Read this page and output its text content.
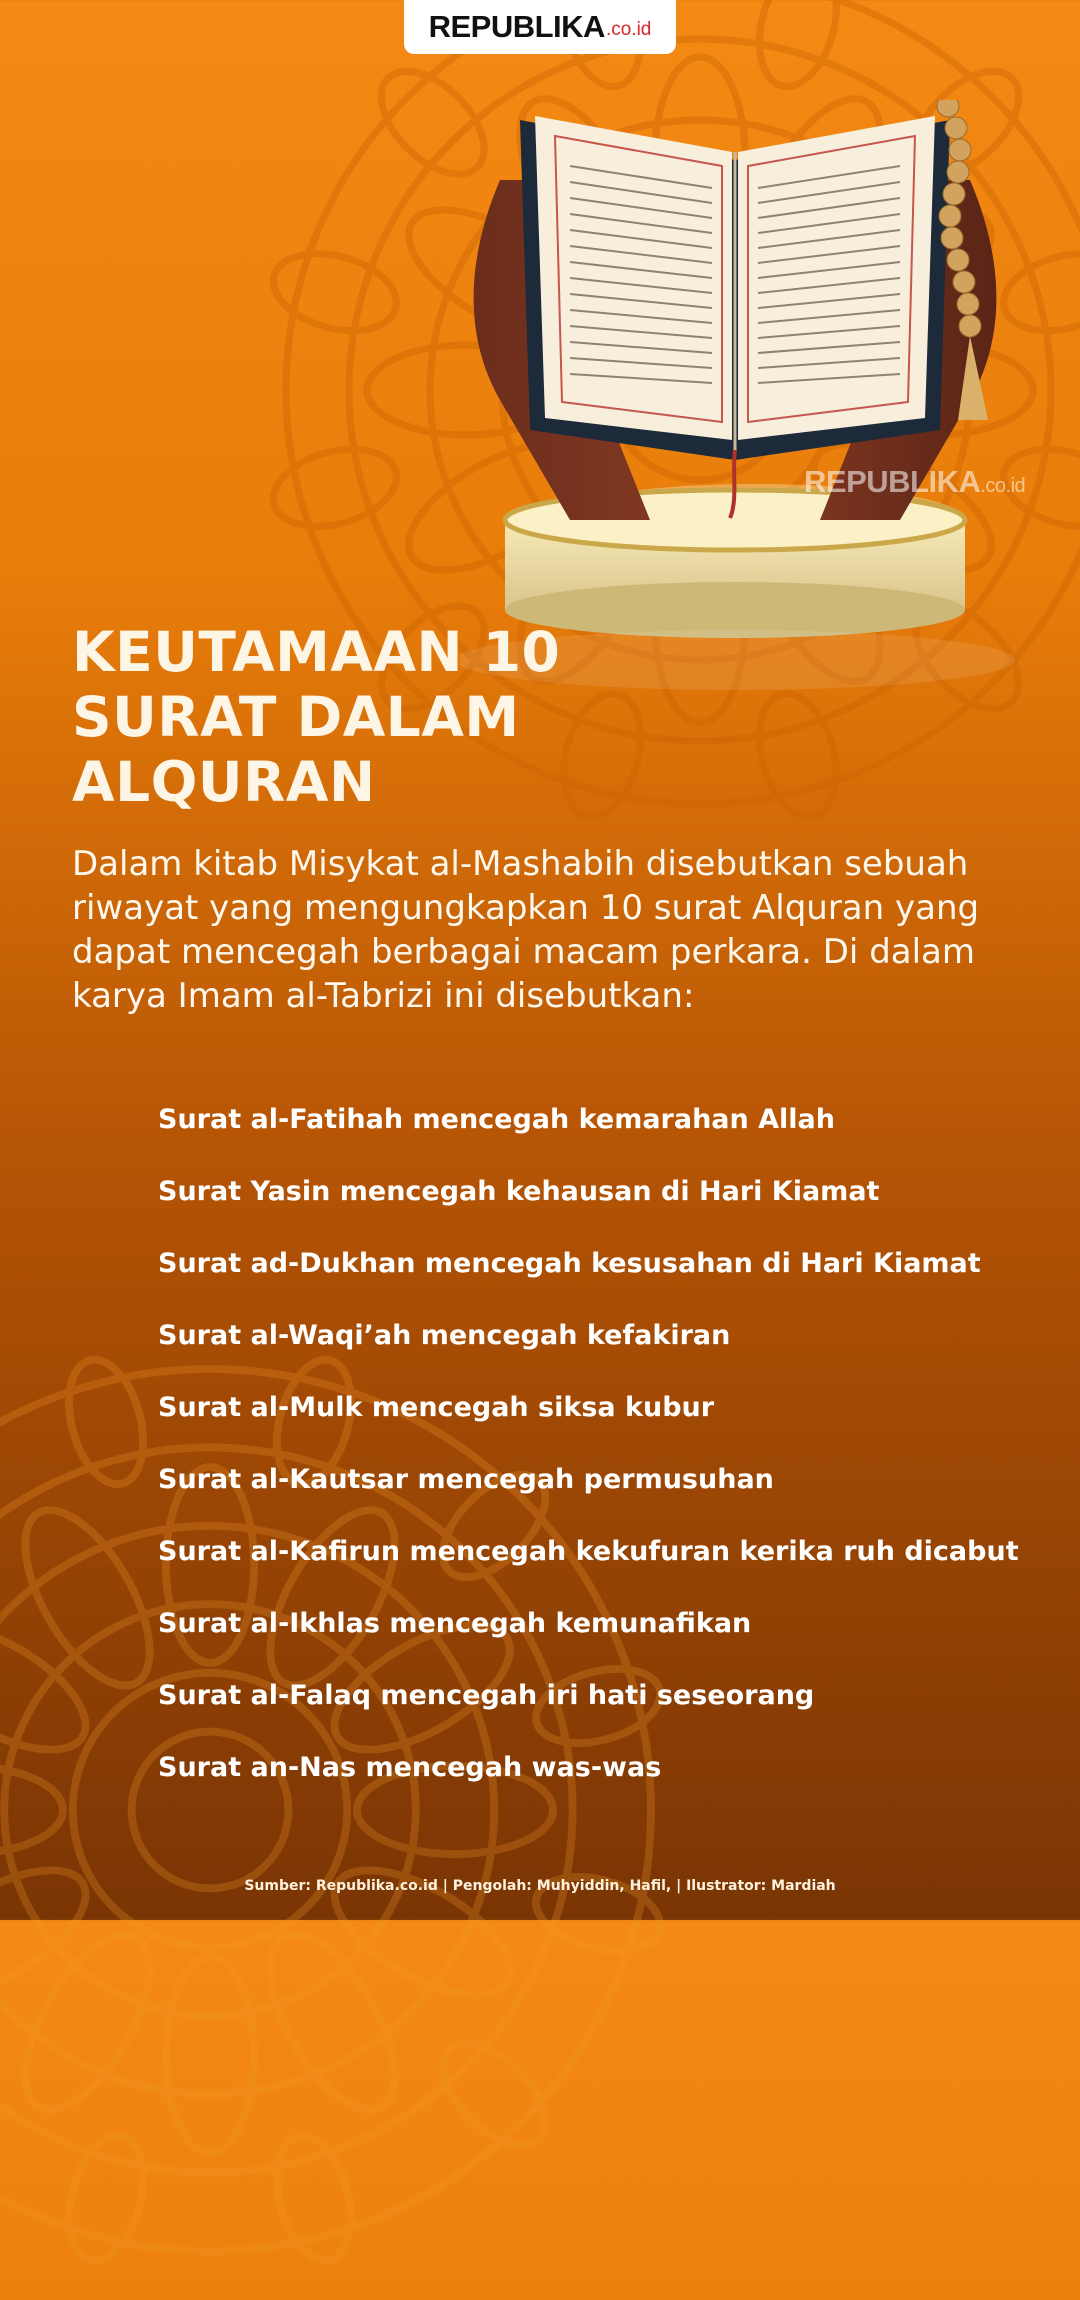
REPUBLIKA .co.id
REPUBLIKA.co.id
KEUTAMAAN 10
SURAT DALAM
ALQURAN

Dalam kitab Misykat al-Mashabih disebutkan sebuah riwayat yang mengungkapkan 10 surat Alquran yang dapat mencegah berbagai macam perkara. Di dalam karya Imam al-Tabrizi ini disebutkan:

Surat al-Fatihah mencegah kemarahan Allah
Surat Yasin mencegah kehausan di Hari Kiamat
Surat ad-Dukhan mencegah kesusahan di Hari Kiamat
Surat al-Waqi’ah mencegah kefakiran
Surat al-Mulk mencegah siksa kubur
Surat al-Kautsar mencegah permusuhan
Surat al-Kafirun mencegah kekufuran kerika ruh dicabut
Surat al-Ikhlas mencegah kemunafikan
Surat al-Falaq mencegah iri hati seseorang
Surat an-Nas mencegah was-was
Sumber: Republika.co.id | Pengolah: Muhyiddin, Hafil, | Ilustrator: Mardiah
